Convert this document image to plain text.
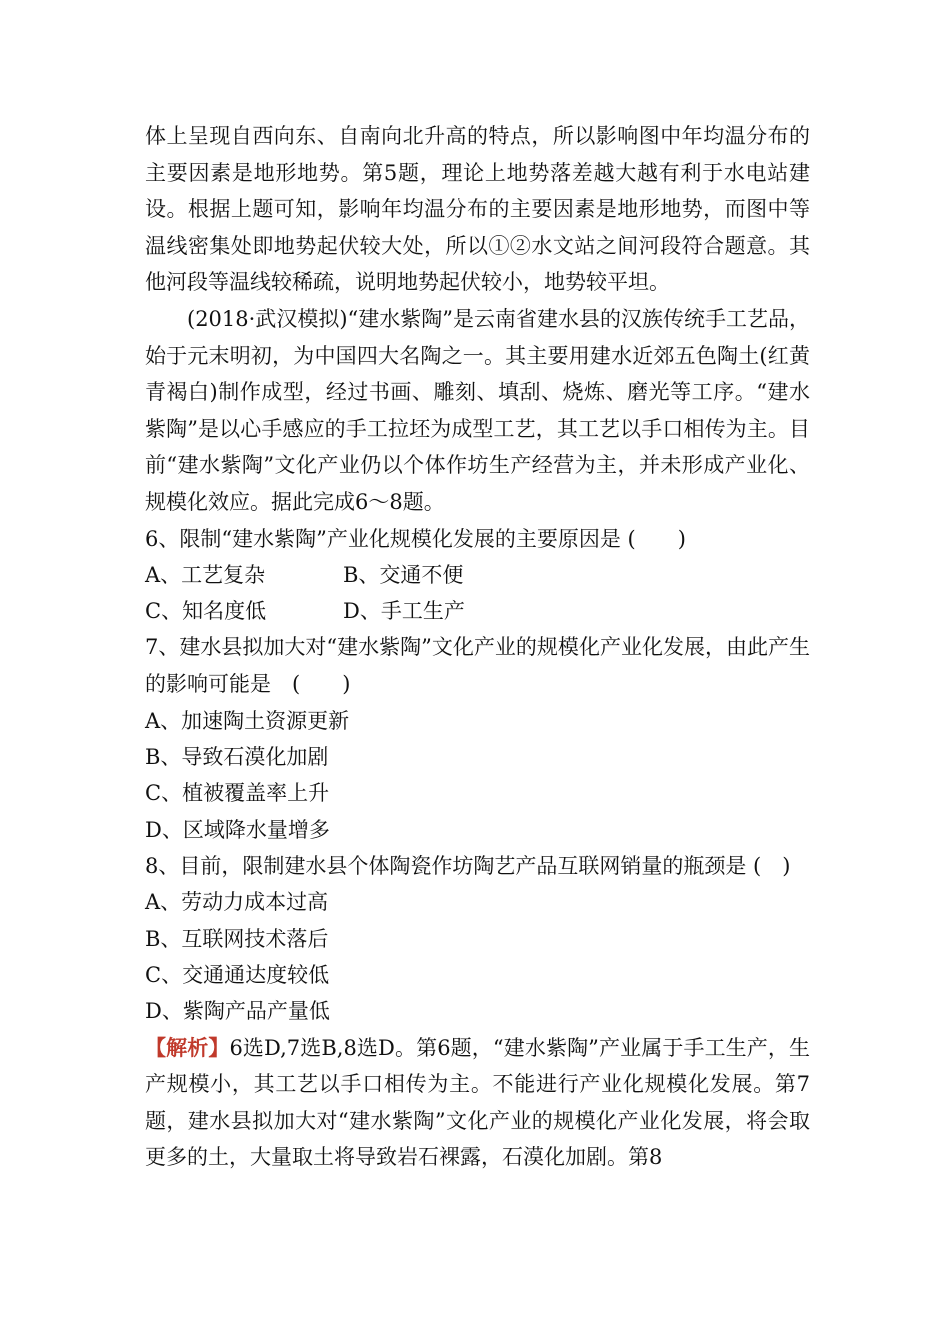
体上呈现自西向东、自南向北升高的特点，所以影响图中年均温分布的主要因素是地形地势。第5题，理论上地势落差越大越有利于水电站建设。根据上题可知，影响年均温分布的主要因素是地形地势，而图中等温线密集处即地势起伏较大处，所以①②水文站之间河段符合题意。其他河段等温线较稀疏，说明地势起伏较小，地势较平坦。

(2018·武汉模拟)“建水紫陶”是云南省建水县的汉族传统手工艺品，始于元末明初，为中国四大名陶之一。其主要用建水近郊五色陶土(红黄青褐白)制作成型，经过书画、雕刻、填刮、烧炼、磨光等工序。“建水紫陶”是以心手感应的手工拉坯为成型工艺，其工艺以手口相传为主。目前“建水紫陶”文化产业仍以个体作坊生产经营为主，并未形成产业化、规模化效应。据此完成6～8题。

6、限制“建水紫陶”产业化规模化发展的主要原因是 (　　)

A、工艺复杂	B、交通不便
C、知名度低	D、手工生产

7、建水县拟加大对“建水紫陶”文化产业的规模化产业化发展，由此产生的影响可能是　(　　)

A、加速陶土资源更新

B、导致石漠化加剧

C、植被覆盖率上升

D、区域降水量增多

8、目前，限制建水县个体陶瓷作坊陶艺产品互联网销量的瓶颈是 (　)

A、劳动力成本过高

B、互联网技术落后

C、交通通达度较低

D、紫陶产品产量低

【解析】6选D,7选B,8选D。第6题，“建水紫陶”产业属于手工生产，生产规模小，其工艺以手口相传为主。不能进行产业化规模化发展。第7题，建水县拟加大对“建水紫陶”文化产业的规模化产业化发展，将会取更多的土，大量取土将导致岩石裸露，石漠化加剧。第8
